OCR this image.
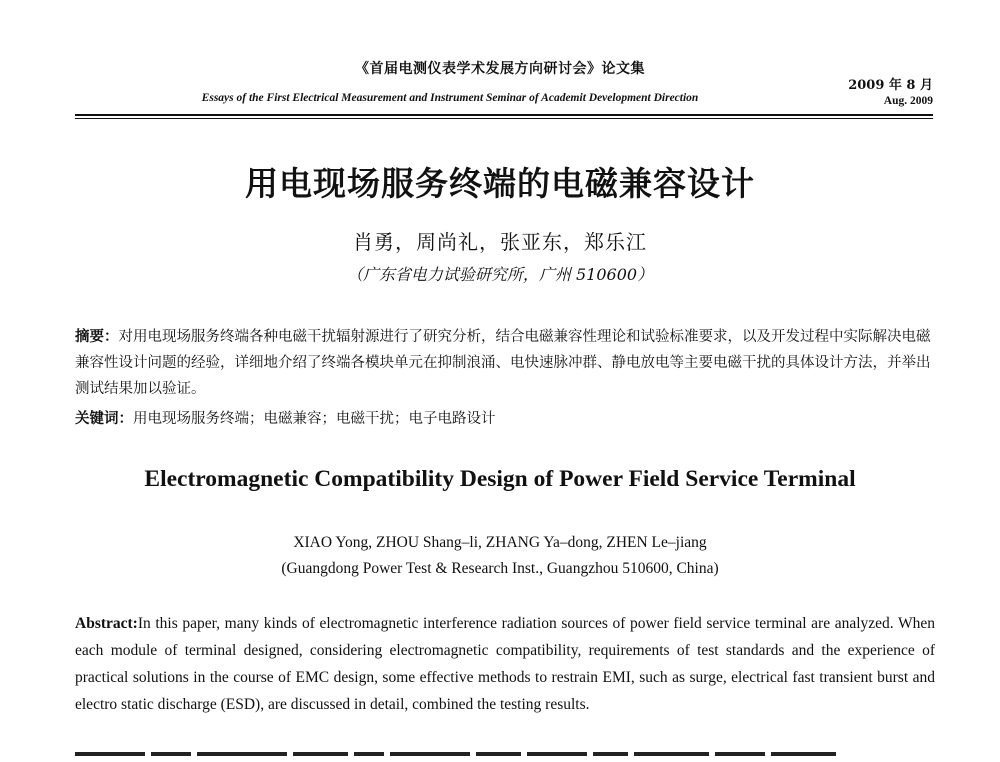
《首届电测仪表学术发展方向研讨会》论文集
Essays of the First Electrical Measurement and Instrument Seminar of Academit Development Direction
2009 年 8 月
Aug. 2009
用电现场服务终端的电磁兼容设计
肖勇，周尚礼，张亚东，郑乐江
（广东省电力试验研究所，广州 510600）
摘要：对用电现场服务终端各种电磁干扰辐射源进行了研究分析，结合电磁兼容性理论和试验标准要求，以及开发过程中实际解决电磁兼容性设计问题的经验，详细地介绍了终端各模块单元在抑制浪涌、电快速脉冲群、静电放电等主要电磁干扰的具体设计方法，并举出测试结果加以验证。
关键词：用电现场服务终端；电磁兼容；电磁干扰；电子电路设计
Electromagnetic Compatibility Design of Power Field Service Terminal
XIAO Yong, ZHOU Shang–li, ZHANG Ya–dong, ZHEN Le–jiang
(Guangdong Power Test & Research Inst., Guangzhou 510600, China)
Abstract:In this paper, many kinds of electromagnetic interference radiation sources of power field service terminal are analyzed. When each module of terminal designed, considering electromagnetic compatibility, requirements of test standards and the experience of practical solutions in the course of EMC design, some effective methods to restrain EMI, such as surge, electrical fast transient burst and electro static discharge (ESD), are discussed in detail, combined the testing results.
